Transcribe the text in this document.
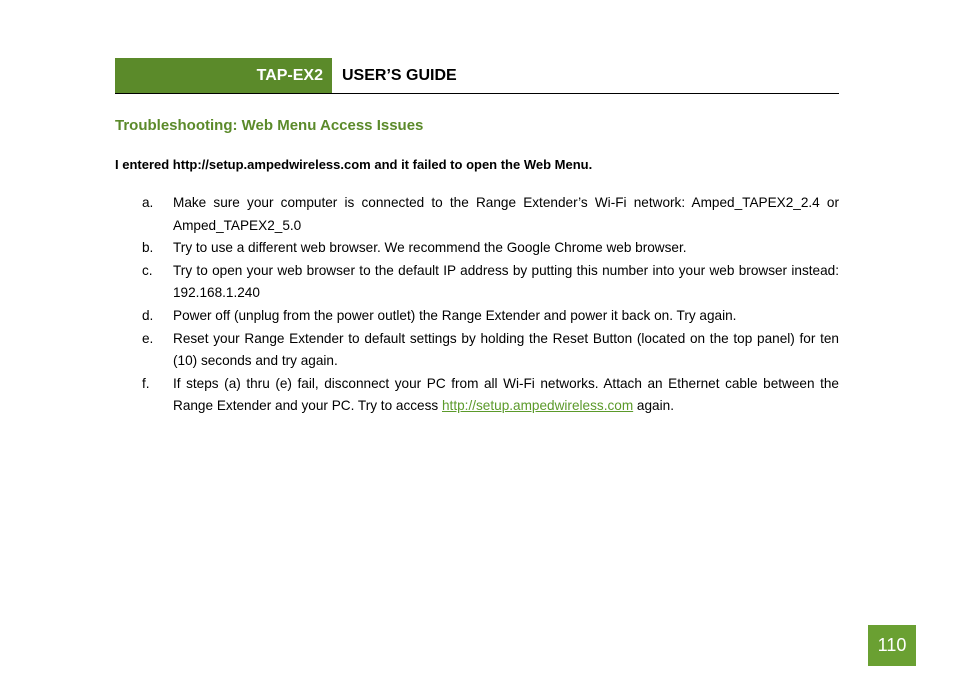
TAP-EX2	USER’S GUIDE
Troubleshooting: Web Menu Access Issues
I entered http://setup.ampedwireless.com and it failed to open the Web Menu.
a. Make sure your computer is connected to the Range Extender’s Wi-Fi network: Amped_TAPEX2_2.4 or Amped_TAPEX2_5.0
b. Try to use a different web browser. We recommend the Google Chrome web browser.
c. Try to open your web browser to the default IP address by putting this number into your web browser instead: 192.168.1.240
d. Power off (unplug from the power outlet) the Range Extender and power it back on. Try again.
e. Reset your Range Extender to default settings by holding the Reset Button (located on the top panel) for ten (10) seconds and try again.
f. If steps (a) thru (e) fail, disconnect your PC from all Wi-Fi networks. Attach an Ethernet cable between the Range Extender and your PC. Try to access http://setup.ampedwireless.com again.
110
